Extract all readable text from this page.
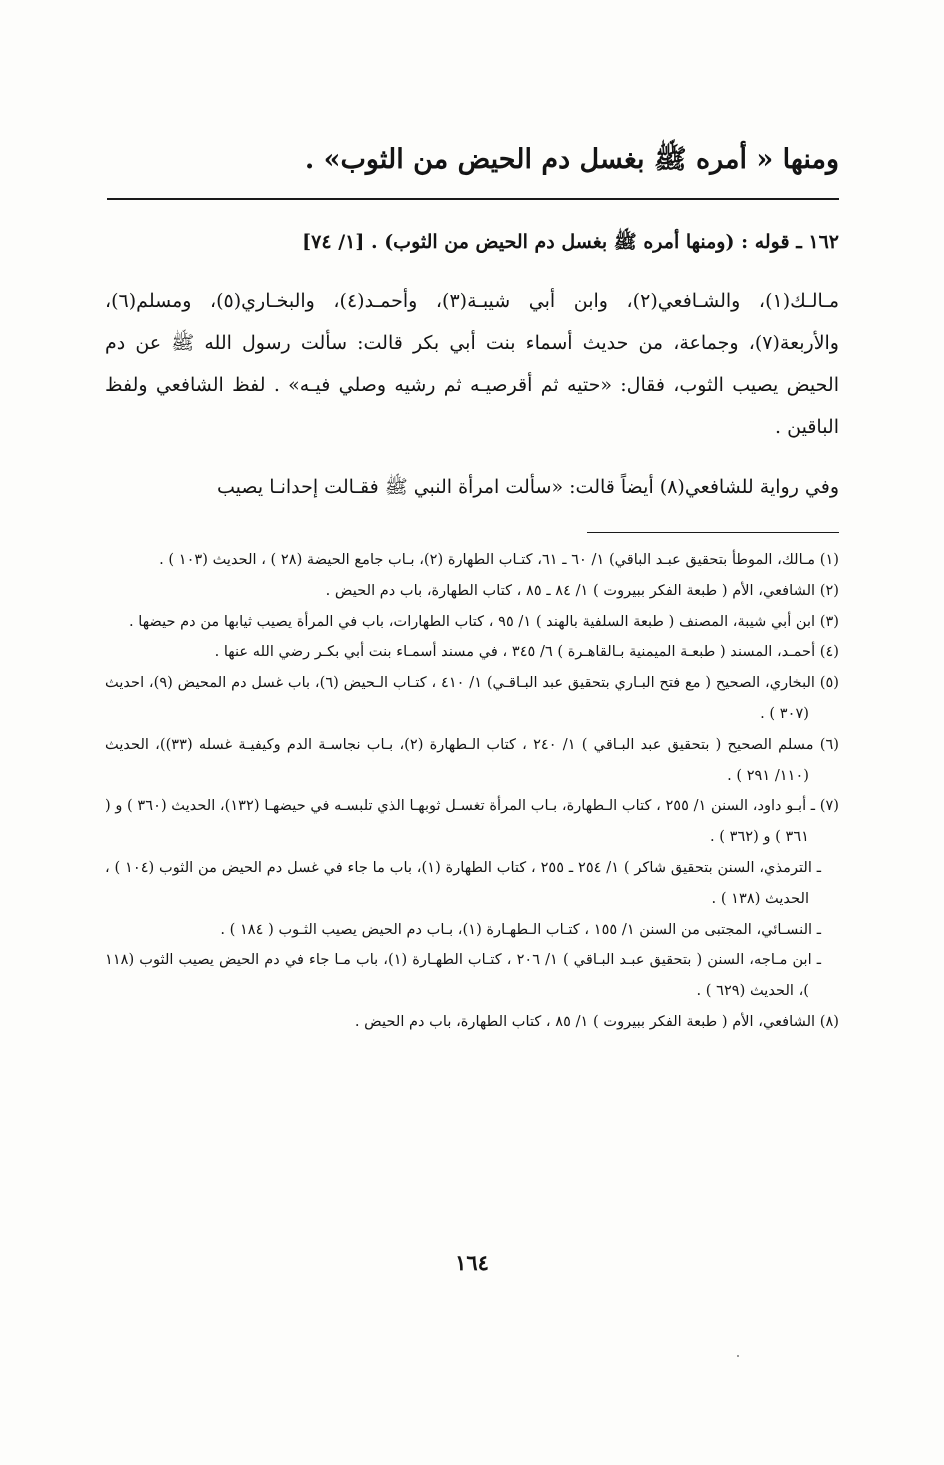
ومنها « أمره ﷺ بغسل دم الحيض من الثوب» .
١٦٢ ـ قوله : (ومنها أمره ﷺ بغسل دم الحيض من الثوب) . [١/ ٧٤]

مـالـك(١)، والشـافعي(٢)، وابن أبي شيبـة(٣)، وأحمـد(٤)، والبخـاري(٥)، ومسلم(٦)، والأربعة(٧)، وجماعة، من حديث أسماء بنت أبي بكر قالت: سألت رسول الله ﷺ عن دم الحيض يصيب الثوب، فقال: «حتيه ثم أقرصيـه ثم رشيه وصلي فيـه» . لفظ الشافعي ولفظ الباقين .

وفي رواية للشافعي(٨) أيضاً قالت: «سألت امرأة النبي ﷺ فقـالت إحدانـا يصيب

(١) مـالك، الموطأ بتحقيق عبـد الباقي) ١/ ٦٠ ـ ٦١، كتـاب الطهارة (٢)، بـاب جامع الحيضة (٢٨ ) ، الحديث (١٠٣ ) .

(٢) الشافعي، الأم ( طبعة الفكر ببيروت ) ١/ ٨٤ ـ ٨٥ ، كتاب الطهارة، باب دم الحيض .

(٣) ابن أبي شيبة، المصنف ( طبعة السلفية بالهند ) ١/ ٩٥ ، كتاب الطهارات، باب في المرأة يصيب ثيابها من دم حيضها .

(٤) أحمـد، المسند ( طبعـة الميمنية بـالقاهـرة ) ٦/ ٣٤٥ ، في مسند أسمـاء بنت أبي بكـر رضي الله عنها .

(٥) البخاري، الصحيح ( مع فتح البـاري بتحقيق عبد البـاقـي) ١/ ٤١٠ ، كتـاب الـحيض (٦)، باب غسل دم المحيض (٩)، احديث (٣٠٧ ) .

(٦) مسلم الصحيح ( بتحقيق عبد البـاقي ) ١/ ٢٤٠ ، كتاب الـطهارة (٢)، بـاب نجاسـة الدم وكيفيـة غسله (٣٣))، الحديث (١١٠/ ٢٩١ ) .

(٧) ـ أبـو داود، السنن ١/ ٢٥٥ ، كتاب الـطهارة، بـاب المرأة تغسـل ثوبهـا الذي تلبسـه في حيضهـا (١٣٢)، الحديث (٣٦٠ ) و ( ٣٦١ ) و (٣٦٢ ) .

ـ الترمذي، السنن بتحقيق شاكر ) ١/ ٢٥٤ ـ ٢٥٥ ، كتاب الطهارة (١)، باب ما جاء في غسل دم الحيض من الثوب (١٠٤ ) ، الحديث (١٣٨ ) .

ـ النسـائي، المجتبى من السنن ١/ ١٥٥ ، كتـاب الـطهـارة (١)، بـاب دم الحيض يصيب الثـوب ( ١٨٤ ) .

ـ ابن مـاجه، السنن ( بتحقيق عبـد البـاقي ) ١/ ٢٠٦ ، كتـاب الطهـارة (١)، باب مـا جاء في دم الحيض يصيب الثوب (١١٨ )، الحديث (٦٢٩ ) .

(٨) الشافعي، الأم ( طبعة الفكر ببيروت ) ١/ ٨٥ ، كتاب الطهارة، باب دم الحيض .

١٦٤
